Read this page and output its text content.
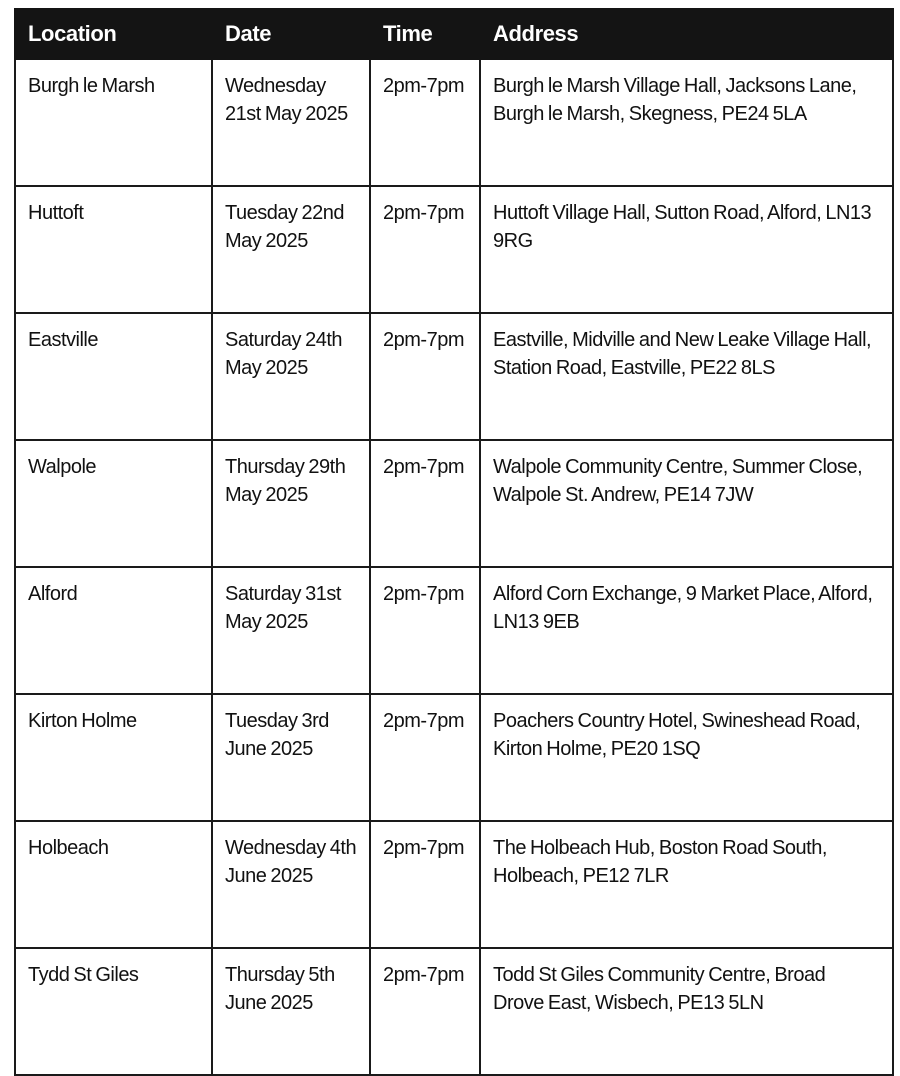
Location	Date	Time	Address
Burgh le Marsh	Wednesday 21st May 2025	2pm-7pm	Burgh le Marsh Village Hall, Jacksons Lane, Burgh le Marsh, Skegness, PE24 5LA
Huttoft	Tuesday 22nd May 2025	2pm-7pm	Huttoft Village Hall, Sutton Road, Alford, LN13 9RG
Eastville	Saturday 24th May 2025	2pm-7pm	Eastville, Midville and New Leake Village Hall, Station Road, Eastville, PE22 8LS
Walpole	Thursday 29th May 2025	2pm-7pm	Walpole Community Centre, Summer Close, Walpole St. Andrew, PE14 7JW
Alford	Saturday 31st May 2025	2pm-7pm	Alford Corn Exchange, 9 Market Place, Alford, LN13 9EB
Kirton Holme	Tuesday 3rd June 2025	2pm-7pm	Poachers Country Hotel, Swineshead Road, Kirton Holme, PE20 1SQ
Holbeach	Wednesday 4th June 2025	2pm-7pm	The Holbeach Hub, Boston Road South, Holbeach, PE12 7LR
Tydd St Giles	Thursday 5th June 2025	2pm-7pm	Todd St Giles Community Centre, Broad Drove East, Wisbech, PE13 5LN
